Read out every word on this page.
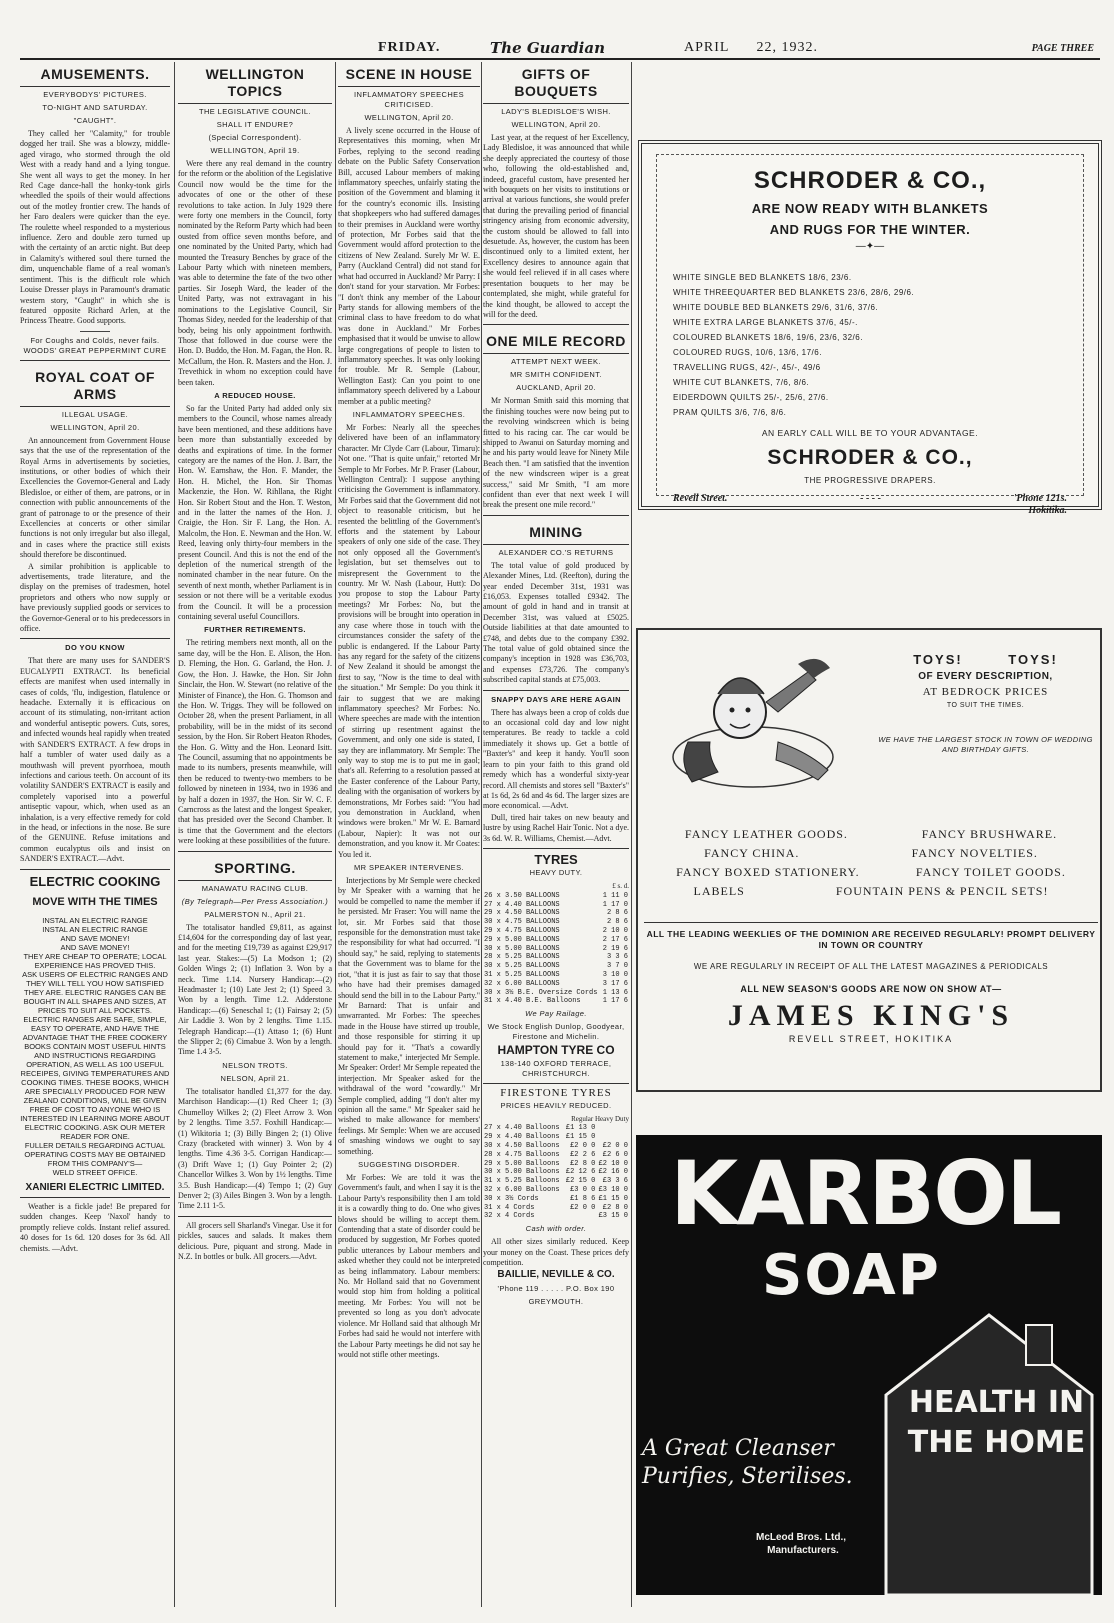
FRIDAY.	The Guardian	APRIL 22, 1932.	PAGE THREE
AMUSEMENTS.
EVERYBODYS' PICTURES.
TO-NIGHT AND SATURDAY.
"CAUGHT".

They called her "Calamity," for trouble dogged her trail. She was a blowzy, middle-aged virago, who stormed through the old West with a ready hand and a lying tongue. She went all ways to get the money. In her Red Cage dance-hall the honky-tonk girls wheedled the spoils of their would affections out of the motley frontier crew. The hands of her Faro dealers were quicker than the eye. The roulette wheel responded to a mysterious influence. Zero and double zero turned up with the certainty of an arctic night. But deep in Calamity's withered soul there turned the dim, unquenchable flame of a real woman's sentiment. This is the difficult role which Louise Dresser plays in Paramount's dramatic western story, "Caught" in which she is featured opposite Richard Arlen, at the Princess Theatre. Good supports.

For Coughs and Colds, never fails. WOODS' GREAT PEPPERMINT CURE
ROYAL COAT OF ARMS
ILLEGAL USAGE.
WELLINGTON, April 20.

An announcement from Government House says that the use of the representation of the Royal Arms in advertisements by societies, institutions, or other bodies of which their Excellencies the Governor-General and Lady Bledisloe, or either of them, are patrons, or in connection with public announcements of the grant of patronage to or the presence of their Excellencies at concerts or other similar functions is not only irregular but also illegal, and in cases where the practice still exists should therefore be discontinued.

A similar prohibition is applicable to advertisements, trade literature, and the display on the premises of tradesmen, hotel proprietors and others who now supply or have previously supplied goods or services to the Governor-General or to his predecessors in office.

DO YOU KNOW

That there are many uses for SANDER'S EUCALYPTI EXTRACT. Its beneficial effects are manifest when used internally in cases of colds, 'flu, indigestion, flatulence or headache. Externally it is efficacious on account of its stimulating, non-irritant action and wonderful antiseptic powers. Cuts, sores, and infected wounds heal rapidly when treated with SANDER'S EXTRACT. A few drops in half a tumbler of water used daily as a mouthwash will prevent pyorrhoea, mouth infections and carious teeth. On account of its volatility SANDER'S EXTRACT is easily and completely vaporised into a powerful antiseptic vapour, which, when used as an inhalation, is a very effective remedy for cold in the head, or infections in the nose. Be sure of the GENUINE. Refuse imitations and common eucalyptus oils and insist on SANDER'S EXTRACT.—Advt.

ELECTRIC COOKING
MOVE WITH THE TIMES
INSTAL AN ELECTRIC RANGE
INSTAL AN ELECTRIC RANGE
AND SAVE MONEY!
AND SAVE MONEY!
THEY ARE CHEAP TO OPERATE; LOCAL EXPERIENCE HAS PROVED THIS.
ASK USERS OF ELECTRIC RANGES AND THEY WILL TELL YOU HOW SATISFIED THEY ARE. ELECTRIC RANGES CAN BE BOUGHT IN ALL SHAPES AND SIZES, AT PRICES TO SUIT ALL POCKETS.
ELECTRIC RANGES ARE SAFE, SIMPLE, EASY TO OPERATE, AND HAVE THE ADVANTAGE THAT THE FREE COOKERY BOOKS CONTAIN MOST USEFUL HINTS AND INSTRUCTIONS REGARDING OPERATION, AS WELL AS 100 USEFUL RECEIPES, GIVING TEMPERATURES AND COOKING TIMES. THESE BOOKS, WHICH ARE SPECIALLY PRODUCED FOR NEW ZEALAND CONDITIONS, WILL BE GIVEN FREE OF COST TO ANYONE WHO IS INTERESTED IN LEARNING MORE ABOUT ELECTRIC COOKING. ASK OUR METER READER FOR ONE.
FULLER DETAILS REGARDING ACTUAL OPERATING COSTS MAY BE OBTAINED FROM THIS COMPANY'S—
WELD STREET OFFICE.
XANIERI ELECTRIC LIMITED.

Weather is a fickle jade! Be prepared for sudden changes. Keep 'Naxol' handy to promptly relieve colds. Instant relief assured. 40 doses for 1s 6d. 120 doses for 3s 6d. All chemists. —Advt.

WELLINGTON TOPICS
THE LEGISLATIVE COUNCIL.
SHALL IT ENDURE?
(Special Correspondent).
WELLINGTON, April 19.

Were there any real demand in the country for the reform or the abolition of the Legislative Council now would be the time for the advocates of one or the other of these revolutions to take action. In July 1929 there were forty one members in the Council, forty nominated by the Reform Party which had been ousted from office seven months before, and one nominated by the United Party, which had mounted the Treasury Benches by grace of the Labour Party which with nineteen members, was able to determine the fate of the two other parties. Sir Joseph Ward, the leader of the United Party, was not extravagant in his nominations to the Legislative Council, Sir Thomas Sidey, needed for the leadership of that body, being his only appointment forthwith. Those that followed in due course were the Hon. D. Buddo, the Hon. M. Fagan, the Hon. R. McCallum, the Hon. R. Masters and the Hon. J. Trevethick in whom no exception could have been taken.

A REDUCED HOUSE.

So far the United Party had added only six members to the Council, whose names already have been mentioned, and these additions have been more than substantially exceeded by deaths and expirations of time. In the former category are the names of the Hon. J. Barr, the Hon. W. Earnshaw, the Hon. F. Mander, the Hon. H. Michel, the Hon. Sir Thomas Mackenzie, the Hon. W. Rihllana, the Right Hon. Sir Robert Stout and the Hon. T. Weston, and in the latter the names of the Hon. J. Craigie, the Hon. Sir F. Lang, the Hon. A. Malcolm, the Hon. E. Newman and the Hon. W. Reed, leaving only thirty-four members in the present Council. And this is not the end of the depletion of the numerical strength of the nominated chamber in the near future. On the seventh of next month, whether Parliament is in session or not there will be a veritable exodus from the Council. It will be a procession containing several useful Councillors.

FURTHER RETIREMENTS.

The retiring members next month, all on the same day, will be the Hon. E. Alison, the Hon. D. Fleming, the Hon. G. Garland, the Hon. J. Gow, the Hon. J. Hawke, the Hon. Sir John Sinclair, the Hon. W. Stewart (no relative of the Minister of Finance), the Hon. G. Thomson and the Hon. W. Triggs. They will be followed on October 28, when the present Parliament, in all probability, will be in the midst of its second session, by the Hon. Sir Robert Heaton Rhodes, the Hon. G. Witty and the Hon. Leonard Isitt. The Council, assuming that no appointments be made to its numbers, presents meanwhile, will then be reduced to twenty-two members to be followed by nineteen in 1934, two in 1936 and by half a dozen in 1937, the Hon. Sir W. C. F. Carncross as the latest and the longest Speaker, that has presided over the Second Chamber. It is time that the Government and the electors were looking at these possibilities of the future.

SPORTING.
MANAWATU RACING CLUB.
(By Telegraph—Per Press Association.)
PALMERSTON N., April 21.

The totalisator handled £9,811, as against £14,604 for the corresponding day of last year, and for the meeting £19,739 as against £29,917 last year. Stakes:—(5) La Modson 1; (2) Golden Wings 2; (1) Inflation 3. Won by a neck. Time 1.14. Nursery Handicap:—(2) Headmaster 1; (10) Late Jest 2; (1) Speed 3. Won by a length. Time 1.2. Adderstone Handicap:—(6) Seneschal 1; (1) Fairsay 2; (5) Air Laddie 3. Won by 2 lengths. Time 1.15. Telegraph Handicap:—(1) Attaso 1; (6) Hunt the Slipper 2; (6) Cimabue 3. Won by a length. Time 1.4 3-5.

NELSON TROTS.
NELSON, April 21.

The totalisator handled £1,377 for the day. Marchison Handicap:—(1) Red Cheer 1; (3) Chumelloy Wilkes 2; (2) Fleet Arrow 3. Won by 2 lengths. Time 3.57. Foxhill Handicap:—(1) Wikitoria 1; (3) Billy Bingen 2; (1) Olive Crazy (bracketed with winner) 3. Won by 4 lengths. Time 4.36 3-5. Corrigan Handicap:—(3) Drift Wave 1; (1) Guy Pointer 2; (2) Chancellor Wilkes 3. Won by 1½ lengths. Time 3.5. Bush Handicap:—(4) Tempo 1; (2) Guy Denver 2; (3) Ailes Bingen 3. Won by a length. Time 2.11 1-5.

All grocers sell Sharland's Vinegar. Use it for pickles, sauces and salads. It makes them delicious. Pure, piquant and strong. Made in N.Z. In bottles or bulk. All grocers.—Advt.

SCENE IN HOUSE
INFLAMMATORY SPEECHES CRITICISED.
WELLINGTON, April 20.

A lively scene occurred in the House of Representatives this morning, when Mr Forbes, replying to the second reading debate on the Public Safety Conservation Bill, accused Labour members of making inflammatory speeches, unfairly stating the position of the Government and blaming it for the country's economic ills. Insisting that shopkeepers who had suffered damages to their premises in Auckland were worthy of protection, Mr Forbes said that the Government would afford protection to the citizens of New Zealand. Surely Mr W. E. Parry (Auckland Central) did not stand for what had occurred in Auckland? Mr Parry: I don't stand for your starvation. Mr Forbes: "I don't think any member of the Labour Party stands for allowing members of the criminal class to have freedom to do what was done in Auckland." Mr Forbes emphasised that it would be unwise to allow large congregations of people to listen to inflammatory speeches. It was only looking for trouble. Mr R. Semple (Labour, Wellington East): Can you point to one inflammatory speech delivered by a Labour member at a public meeting?

INFLAMMATORY SPEECHES.

Mr Forbes: Nearly all the speeches delivered have been of an inflammatory character. Mr Clyde Carr (Labour, Timaru): Not one. "That is quite unfair," retorted Mr Semple to Mr Forbes. Mr P. Fraser (Labour, Wellington Central): I suppose anything criticising the Government is inflammatory. Mr Forbes said that the Government did not object to reasonable criticism, but he resented the belittling of the Government's efforts and the statement by Labour speakers of only one side of the case. They not only opposed all the Government's legislation, but set themselves out to misrepresent the Government to the country. Mr W. Nash (Labour, Hutt): Do you propose to stop the Labour Party meetings? Mr Forbes: No, but the provisions will be brought into operation in any case where those in touch with the circumstances consider the safety of the public is endangered. If the Labour Party has any regard for the safety of the citizens of New Zealand it should be amongst the first to say, "Now is the time to deal with the situation." Mr Semple: Do you think it fair to suggest that we are making inflammatory speeches? Mr Forbes: No. Where speeches are made with the intention of stirring up resentment against the Government, and only one side is stated, I say they are inflammatory. Mr Semple: The only way to stop me is to put me in gaol; that's all. Referring to a resolution passed at the Easter conference of the Labour Party, dealing with the organisation of workers by demonstrations, Mr Forbes said: "You had you demonstration in Auckland, when windows were broken." Mr W. E. Barnard (Labour, Napier): It was not our demonstration, and you know it. Mr Coates: You led it.

MR SPEAKER INTERVENES.

Interjections by Mr Semple were checked by Mr Speaker with a warning that he would be compelled to name the member if he persisted. Mr Fraser: You will name the lot, sir. Mr Forbes said that those responsible for the demonstration must take the responsibility for what had occurred. "I should say," he said, replying to statements that the Government was to blame for the riot, "that it is just as fair to say that those who have had their premises damaged should send the bill in to the Labour Party." Mr Barnard: That is unfair and unwarranted. Mr Forbes: The speeches made in the House have stirred up trouble, and those responsible for stirring it up should pay for it. "That's a cowardly statement to make," interjected Mr Semple. Mr Speaker: Order! Mr Semple repeated the interjection. Mr Speaker asked for the withdrawal of the word "cowardly." Mr Semple complied, adding "I don't alter my opinion all the same." Mr Speaker said he wished to make allowance for members' feelings. Mr Semple: When we are accused of smashing windows we ought to say something.

SUGGESTING DISORDER.

Mr Forbes: We are told it was the Government's fault, and when I say it is the Labour Party's responsibility then I am told it is a cowardly thing to do. One who gives blows should be willing to accept them. Contending that a state of disorder could be produced by suggestion, Mr Forbes quoted public utterances by Labour members and asked whether they could not be interpreted as being inflammatory. Labour members: No. Mr Holland said that no Government would stop him from holding a political meeting. Mr Forbes: You will not be prevented so long as you don't advocate violence. Mr Holland said that although Mr Forbes had said he would not interfere with the Labour Party meetings he did not say he would not stifle other meetings.

GIFTS OF BOUQUETS
LADY'S BLEDISLOE'S WISH.
WELLINGTON, April 20.

Last year, at the request of her Excellency, Lady Bledisloe, it was announced that while she deeply appreciated the courtesy of those who, following the old-established and, indeed, graceful custom, have presented her with bouquets on her visits to institutions or arrival at various functions, she would prefer that during the prevailing period of financial stringency arising from economic adversity, the custom should be allowed to fall into desuetude. As, however, the custom has been discontinued only to a limited extent, her Excellency desires to announce again that she would feel relieved if in all cases where presentation bouquets to her may be contemplated, she might, while grateful for the kind thought, be allowed to accept the will for the deed.

ONE MILE RECORD
ATTEMPT NEXT WEEK.
MR SMITH CONFIDENT.
AUCKLAND, April 20.

Mr Norman Smith said this morning that the finishing touches were now being put to the revolving windscreen which is being fitted to his racing car. The car would be shipped to Awanui on Saturday morning and he and his party would leave for Ninety Mile Beach then. "I am satisfied that the invention of the new windscreen wiper is a great success," said Mr Smith, "I am more confident than ever that next week I will break the present one mile record."

MINING
ALEXANDER CO.'S RETURNS

The total value of gold produced by Alexander Mines, Ltd. (Reefton), during the year ended December 31st, 1931 was £16,053. Expenses totalled £9342. The amount of gold in hand and in transit at December 31st, was valued at £5025. Outside liabilities at that date amounted to £748, and debts due to the company £392. The total value of gold obtained since the company's inception in 1928 was £36,703, and expenses £73,726. The company's subscribed capital stands at £75,003.

SNAPPY DAYS ARE HERE AGAIN

There has always been a crop of colds due to an occasional cold day and low night temperatures. Be ready to tackle a cold immediately it shows up. Get a bottle of "Baxter's" and keep it handy. You'll soon learn to pin your faith to this grand old remedy which has a wonderful sixty-year record. All chemists and stores sell "Baxter's" at 1s 6d, 2s 6d and 4s 6d. The larger sizes are more economical. —Advt.

Dull, tired hair takes on new beauty and lustre by using Rachel Hair Tonic. Not a dye. 3s 6d. W. R. Williams, Chemist.—Advt.

TYRES
HEAVY DUTY.
£ s. d.
26 x 3.50 BALLOONS	1 11 0
27 x 4.40 BALLOONS	1 17 0
29 x 4.50 BALLOONS	2 8 6
30 x 4.75 BALLOONS	2 8 6
29 x 4.75 BALLOONS	2 10 0
29 x 5.00 BALLOONS	2 17 6
30 x 5.00 BALLOONS	2 19 6
28 x 5.25 BALLOONS	3 3 6
30 x 5.25 BALLOONS	3 7 0
31 x 5.25 BALLOONS	3 10 0
32 x 6.00 BALLOONS	3 17 6
30 x 3½ B.E. Oversize Cords	1 13 6
31 x 4.40 B.E. Balloons	1 17 6
We Pay Railage.
We Stock English Dunlop, Goodyear, Firestone and Michelin.
HAMPTON TYRE CO
138-140 OXFORD TERRACE, CHRISTCHURCH.
FIRESTONE TYRES
PRICES HEAVILY REDUCED.
Regular Heavy Duty
27 x 4.40 Balloons	£1 13 0	
29 x 4.40 Balloons	£1 15 0	
30 x 4.50 Balloons	£2 0 0	£2 0 0
28 x 4.75 Balloons	£2 2 6	£2 6 0
29 x 5.00 Balloons	£2 8 0	£2 10 0
30 x 5.00 Balloons	£2 12 6	£2 16 0
31 x 5.25 Balloons	£2 15 0	£3 3 6
32 x 6.00 Balloons	£3 0 0	£3 10 0
30 x 3½ Cords	£1 8 6	£1 15 0
31 x 4 Cords	£2 0 0	£2 8 0
32 x 4 Cords		£3 15 0
Cash with order.

All other sizes similarly reduced. Keep your money on the Coast. These prices defy competition.

BAILLIE, NEVILLE & CO.
'Phone 119 . . . . . P.O. Box 190
GREYMOUTH.
SCHRODER & CO.,
ARE NOW READY WITH BLANKETS
AND RUGS FOR THE WINTER.
—✦—
WHITE SINGLE BED BLANKETS 18/6, 23/6.
WHITE THREEQUARTER BED BLANKETS 23/6, 28/6, 29/6.
WHITE DOUBLE BED BLANKETS 29/6, 31/6, 37/6.
WHITE EXTRA LARGE BLANKETS 37/6, 45/-.
COLOURED BLANKETS 18/6, 19/6, 23/6, 32/6.
COLOURED RUGS, 10/6, 13/6, 17/6.
TRAVELLING RUGS, 42/-, 45/-, 49/6
WHITE CUT BLANKETS, 7/6, 8/6.
EIDERDOWN QUILTS 25/-, 25/6, 27/6.
PRAM QUILTS 3/6, 7/6, 8/6.
AN EARLY CALL WILL BE TO YOUR ADVANTAGE.
SCHRODER & CO.,
THE PROGRESSIVE DRAPERS.
Revell Street.	- - - -	'Phone 121s.
Hokitika.
TOYS! TOYS!
OF EVERY DESCRIPTION,
AT BEDROCK PRICES
TO SUIT THE TIMES.
WE HAVE THE LARGEST STOCK IN TOWN OF WEDDING AND BIRTHDAY GIFTS.
FANCY LEATHER GOODS.	FANCY BRUSHWARE.
FANCY CHINA.	FANCY NOVELTIES.
FANCY BOXED STATIONERY.	FANCY TOILET GOODS.
LABELS	FOUNTAIN PENS & PENCIL SETS!
ALL THE LEADING WEEKLIES OF THE DOMINION ARE RECEIVED REGULARLY! PROMPT DELIVERY IN TOWN OR COUNTRY
WE ARE REGULARLY IN RECEIPT OF ALL THE LATEST MAGAZINES & PERIODICALS
ALL NEW SEASON'S GOODS ARE NOW ON SHOW AT—
JAMES KING'S
REVELL STREET, HOKITIKA
KARBOL
SOAP
A Great Cleanser
Purifies, Sterilises.
HEALTH IN THE HOME
McLeod Bros. Ltd.,
Manufacturers.
